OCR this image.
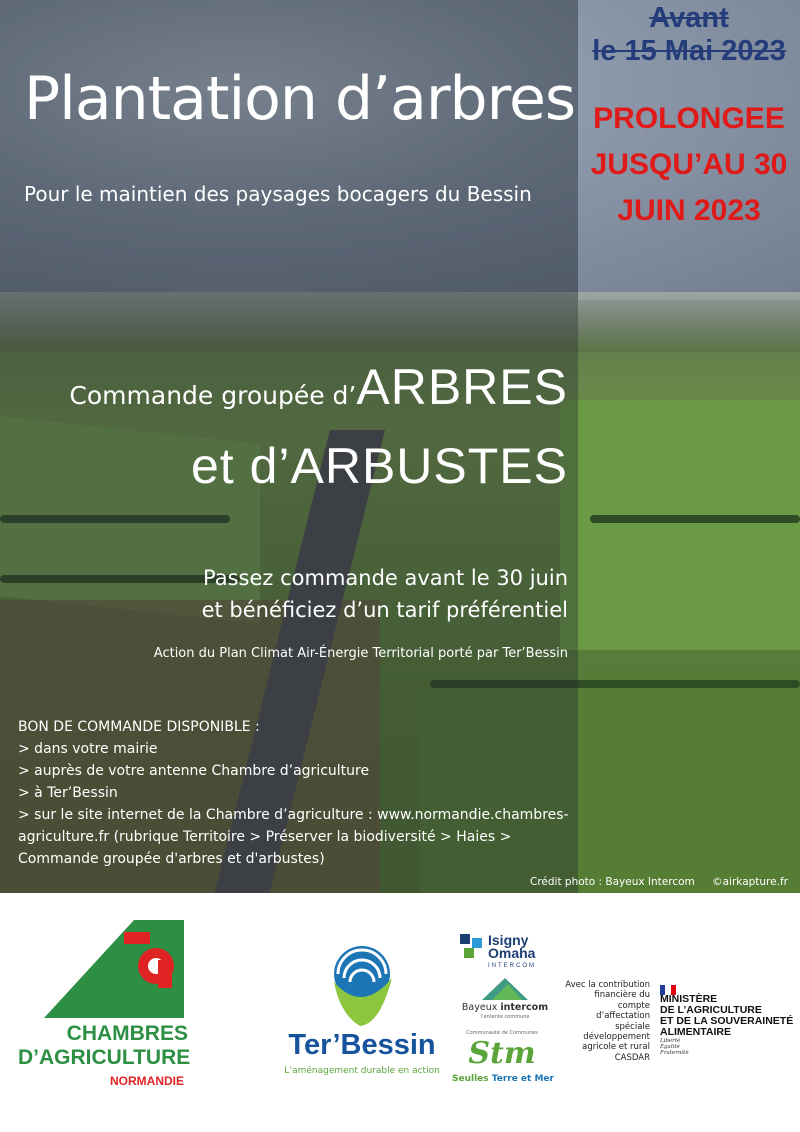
Plantation d’arbres

Pour le maintien des paysages bocagers du Bessin

Avant
le 15 Mai 2023
PROLONGEE
JUSQU’AU 30
JUIN 2023
Commande groupée d’ARBRES
et d’ARBUSTES
Passez commande avant le 30 juin
et bénéficiez d’un tarif préférentiel
Action du Plan Climat Air-Énergie Territorial porté par Ter’Bessin
BON DE COMMANDE DISPONIBLE :
> dans votre mairie
> auprès de votre antenne Chambre d’agriculture
> à Ter’Bessin
> sur le site internet de la Chambre d’agriculture : www.normandie.chambres-agriculture.fr (rubrique Territoire > Préserver la biodiversité > Haies > Commande groupée d'arbres et d'arbustes)
Crédit photo : Bayeux Intercom ©airkapture.fr
CHAMBRES
D’AGRICULTURE
NORMANDIE
Ter’Bessin
L’aménagement durable en action
Isigny
Omaha
INTERCOM
Bayeux intercom
l’entente commune
Communauté de Communes
Stm
Seulles Terre et Mer
Avec la contribution financière du compte d’affectation spéciale développement agricole et rural CASDAR
MINISTÈRE
DE L’AGRICULTURE
ET DE LA SOUVERAINETÉ
ALIMENTAIRE
Liberté
Égalité
Fraternité
